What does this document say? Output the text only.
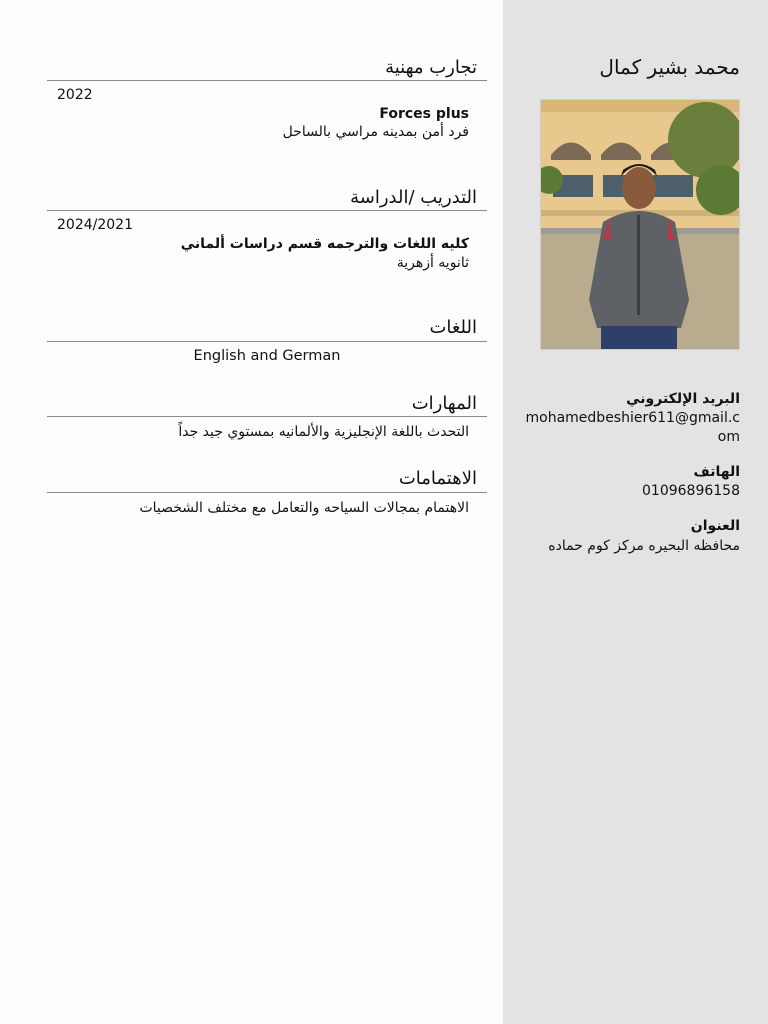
محمد بشير كمال
البريد الإلكتروني
mohamedbeshier611@gmail.com
الهاتف
01096896158
العنوان
محافظه البحيره مركز كوم حماده
تجارب مهنية
2022
Forces plus
فرد أمن بمدينه مراسي بالساحل
التدريب /الدراسة
2024/2021
كليه اللغات والترجمه قسم دراسات ألماني
ثانويه أزهرية
اللغات
English and German
المهارات
التحدث باللغة الإنجليزية والألمانيه بمستوي جيد جداً
الاهتمامات
الاهتمام بمجالات السياحه والتعامل مع مختلف الشخصيات
